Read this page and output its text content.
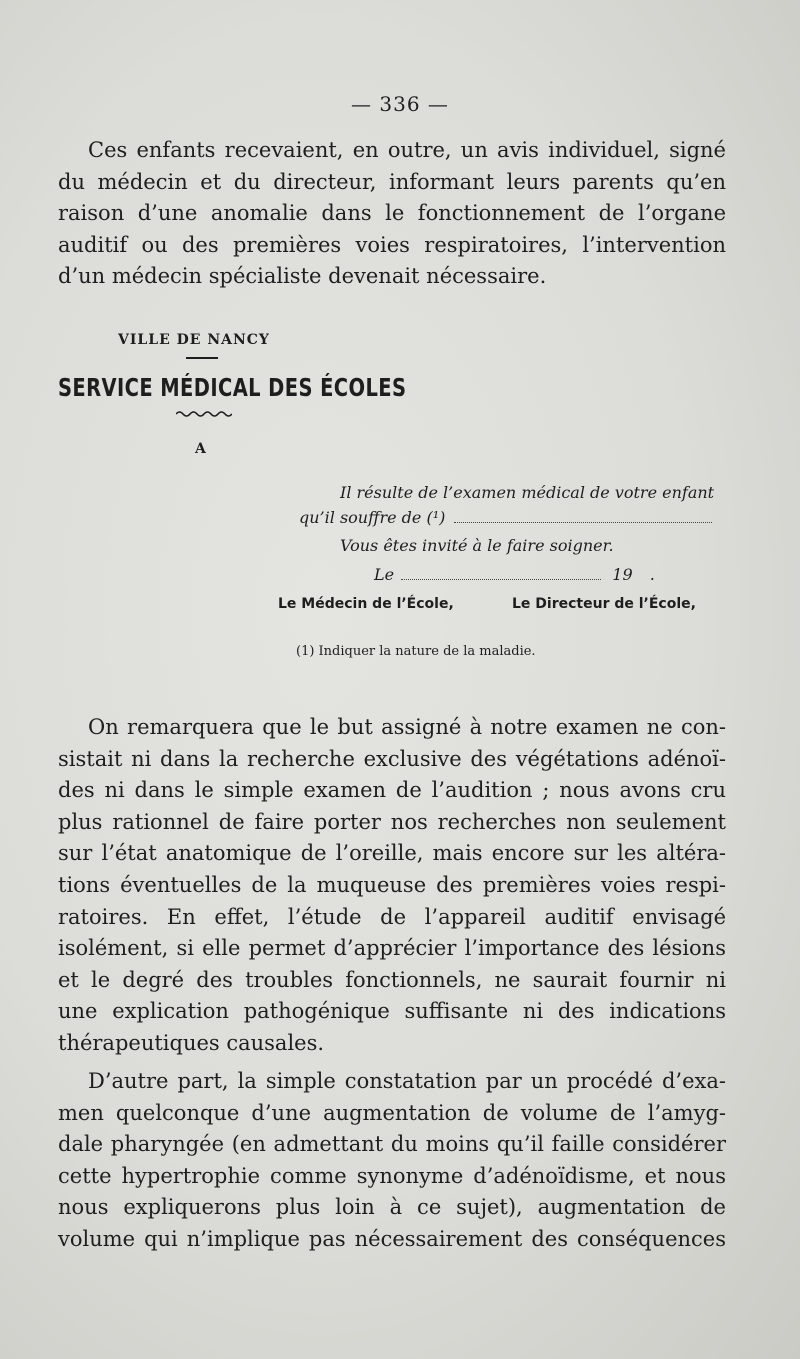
— 336 —

Ces enfants recevaient, en outre, un avis individuel, signé
du médecin et du directeur, informant leurs parents qu’en
raison d’une anomalie dans le fonctionnement de l’organe
auditif ou des premières voies respiratoires, l’intervention
d’un médecin spécialiste devenait nécessaire.

VILLE DE NANCY
SERVICE MÉDICAL DES ÉCOLES
A
Il résulte de l’examen médical de votre enfant
qu’il souffre de (¹)
Vous êtes invité à le faire soigner.
Le	19 .
Le Médecin de l’École,	Le Directeur de l’École,
(1) Indiquer la nature de la maladie.

On remarquera que le but assigné à notre examen ne con-
sistait ni dans la recherche exclusive des végétations adénoï-
des ni dans le simple examen de l’audition ; nous avons cru
plus rationnel de faire porter nos recherches non seulement
sur l’état anatomique de l’oreille, mais encore sur les altéra-
tions éventuelles de la muqueuse des premières voies respi-
ratoires. En effet, l’étude de l’appareil auditif envisagé
isolément, si elle permet d’apprécier l’importance des lésions
et le degré des troubles fonctionnels, ne saurait fournir ni
une explication pathogénique suffisante ni des indications
thérapeutiques causales.

D’autre part, la simple constatation par un procédé d’exa-
men quelconque d’une augmentation de volume de l’amyg-
dale pharyngée (en admettant du moins qu’il faille considérer
cette hypertrophie comme synonyme d’adénoïdisme, et nous
nous expliquerons plus loin à ce sujet), augmentation de
volume qui n’implique pas nécessairement des conséquences
